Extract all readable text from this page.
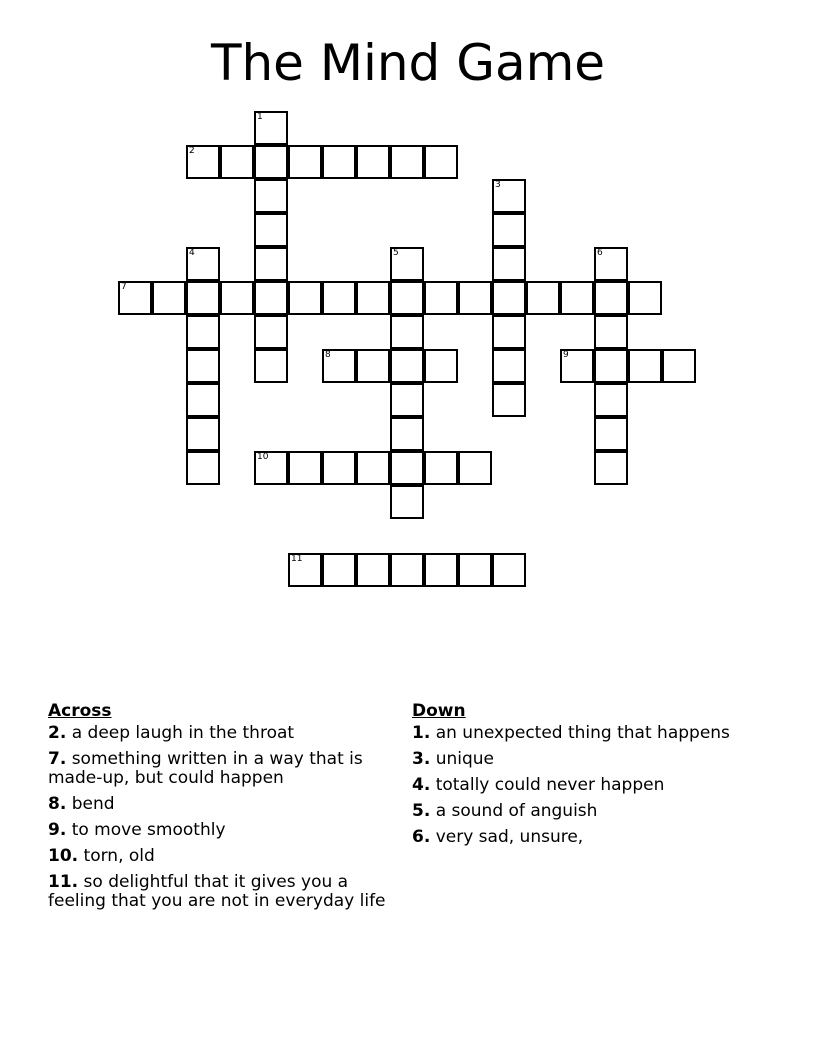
The Mind Game
1
2
3
4	5	6
7
8	9
10
11
Across
2. a deep laugh in the throat
7. something written in a way that is made-up, but could happen
8. bend
9. to move smoothly
10. torn, old
11. so delightful that it gives you a feeling that you are not in everyday life
Down
1. an unexpected thing that happens
3. unique
4. totally could never happen
5. a sound of anguish
6. very sad, unsure,
